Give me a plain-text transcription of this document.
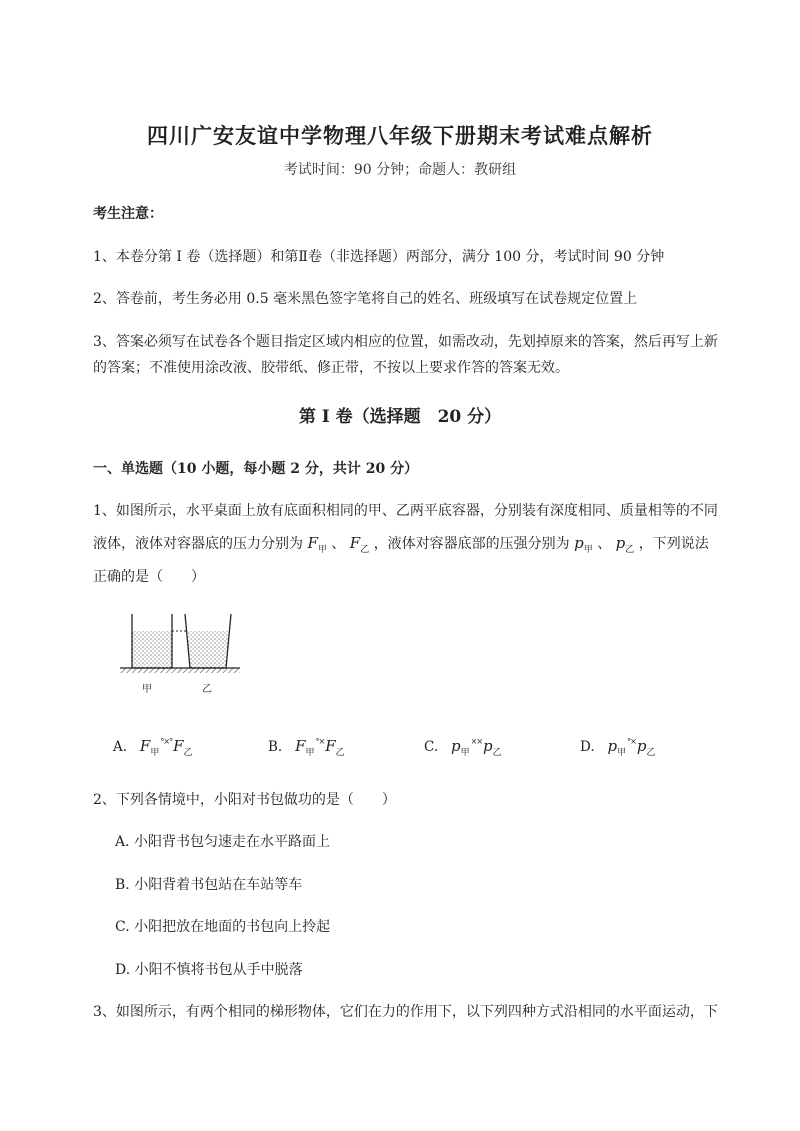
四川广安友谊中学物理八年级下册期末考试难点解析
考试时间：90 分钟；命题人：教研组
考生注意：
1、本卷分第 I 卷（选择题）和第Ⅱ卷（非选择题）两部分，满分 100 分，考试时间 90 分钟
2、答卷前，考生务必用 0.5 毫米黑色签字笔将自己的姓名、班级填写在试卷规定位置上
3、答案必须写在试卷各个题目指定区域内相应的位置，如需改动，先划掉原来的答案，然后再写上新
的答案；不准使用涂改液、胶带纸、修正带，不按以上要求作答的答案无效。
第 I 卷（选择题　20 分）
一、单选题（10 小题，每小题 2 分，共计 20 分）
1、如图所示，水平桌面上放有底面积相同的甲、乙两平底容器，分别装有深度相同、质量相等的不同
液体，液体对容器底的压力分别为 $F_甲$ 、 $F_乙$ ，液体对容器底部的压强分别为 $p_甲$ 、 $p_乙$ ，下列说法
正确的是（　　）
甲	乙
A. $F_甲^{^\circ\times^\circ}F_乙$	B. $F_甲^{^\circ\times}F_乙$	C. $p_甲^{\times\times}p_乙$	D. $p_甲^{^\circ\times}p_乙$
2、下列各情境中，小阳对书包做功的是（　　）
A. 小阳背书包匀速走在水平路面上
B. 小阳背着书包站在车站等车
C. 小阳把放在地面的书包向上拎起
D. 小阳不慎将书包从手中脱落
3、如图所示，有两个相同的梯形物体，它们在力的作用下，以下列四种方式沿相同的水平面运动，下
